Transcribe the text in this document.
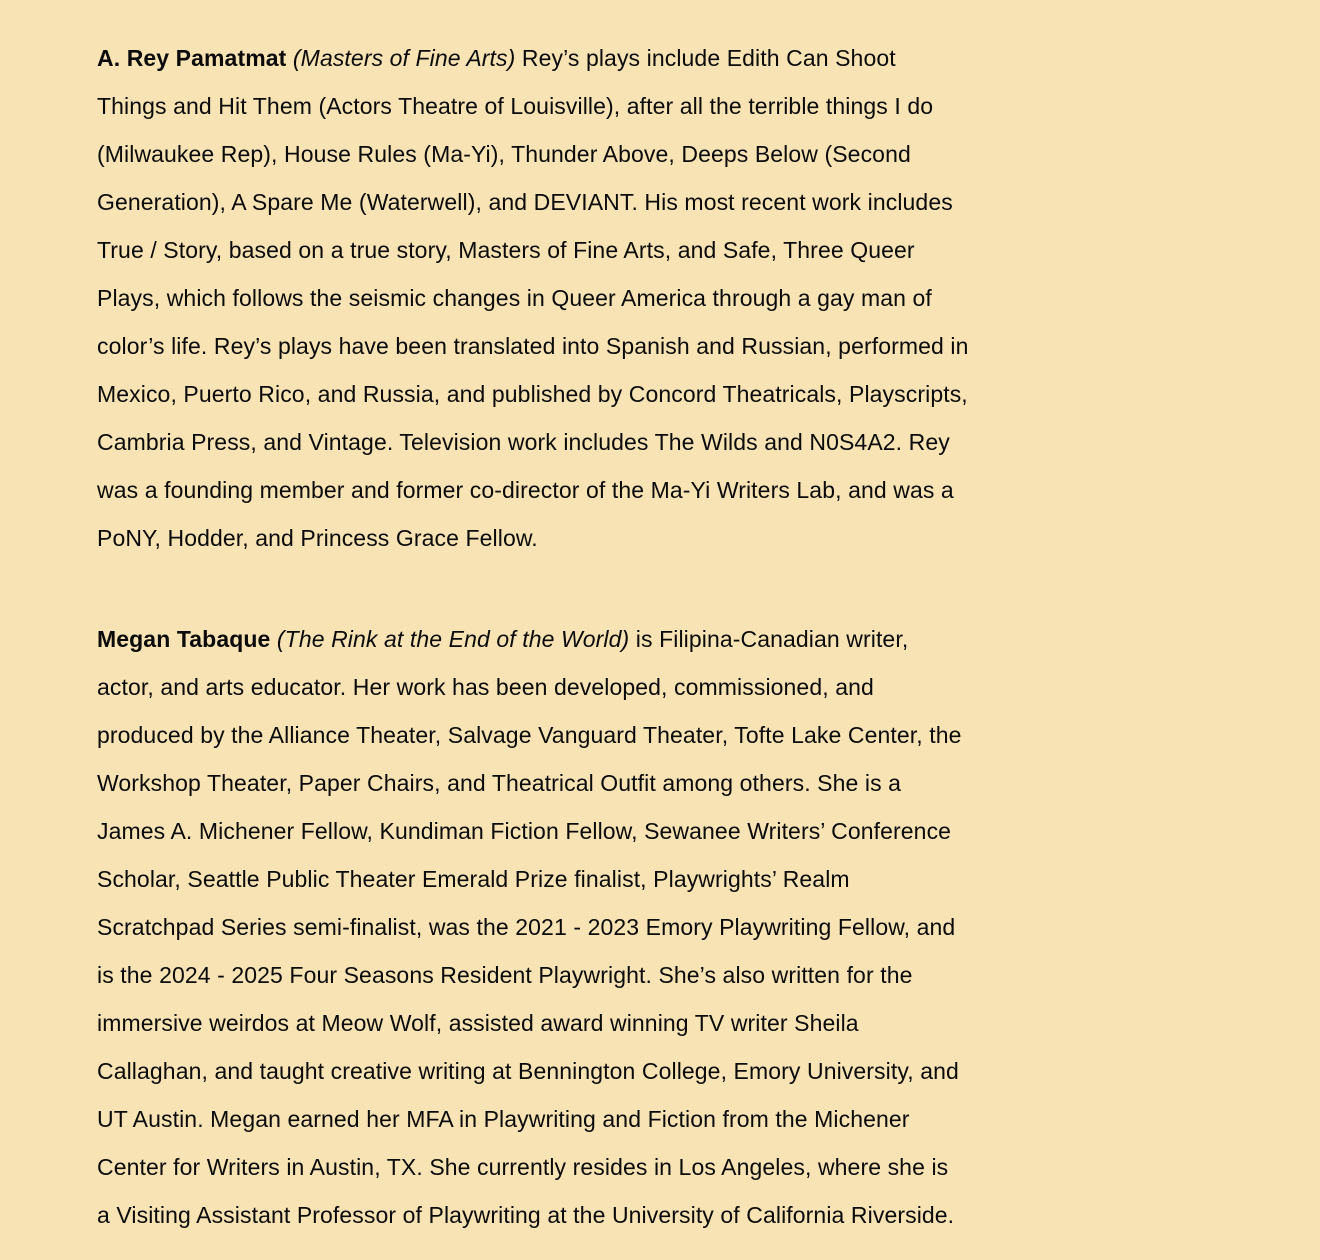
A. Rey Pamatmat (Masters of Fine Arts) Rey’s plays include Edith Can Shoot
Things and Hit Them (Actors Theatre of Louisville), after all the terrible things I do
(Milwaukee Rep), House Rules (Ma-Yi), Thunder Above, Deeps Below (Second
Generation), A Spare Me (Waterwell), and DEVIANT. His most recent work includes
True / Story, based on a true story, Masters of Fine Arts, and Safe, Three Queer
Plays, which follows the seismic changes in Queer America through a gay man of
color’s life. Rey’s plays have been translated into Spanish and Russian, performed in
Mexico, Puerto Rico, and Russia, and published by Concord Theatricals, Playscripts,
Cambria Press, and Vintage. Television work includes The Wilds and N0S4A2. Rey
was a founding member and former co-director of the Ma-Yi Writers Lab, and was a
PoNY, Hodder, and Princess Grace Fellow.
Megan Tabaque (The Rink at the End of the World) is Filipina-Canadian writer,
actor, and arts educator. Her work has been developed, commissioned, and
produced by the Alliance Theater, Salvage Vanguard Theater, Tofte Lake Center, the
Workshop Theater, Paper Chairs, and Theatrical Outfit among others. She is a
James A. Michener Fellow, Kundiman Fiction Fellow, Sewanee Writers’ Conference
Scholar, Seattle Public Theater Emerald Prize finalist, Playwrights’ Realm
Scratchpad Series semi-finalist, was the 2021 - 2023 Emory Playwriting Fellow, and
is the 2024 - 2025 Four Seasons Resident Playwright. She’s also written for the
immersive weirdos at Meow Wolf, assisted award winning TV writer Sheila
Callaghan, and taught creative writing at Bennington College, Emory University, and
UT Austin. Megan earned her MFA in Playwriting and Fiction from the Michener
Center for Writers in Austin, TX. She currently resides in Los Angeles, where she is
a Visiting Assistant Professor of Playwriting at the University of California Riverside.
